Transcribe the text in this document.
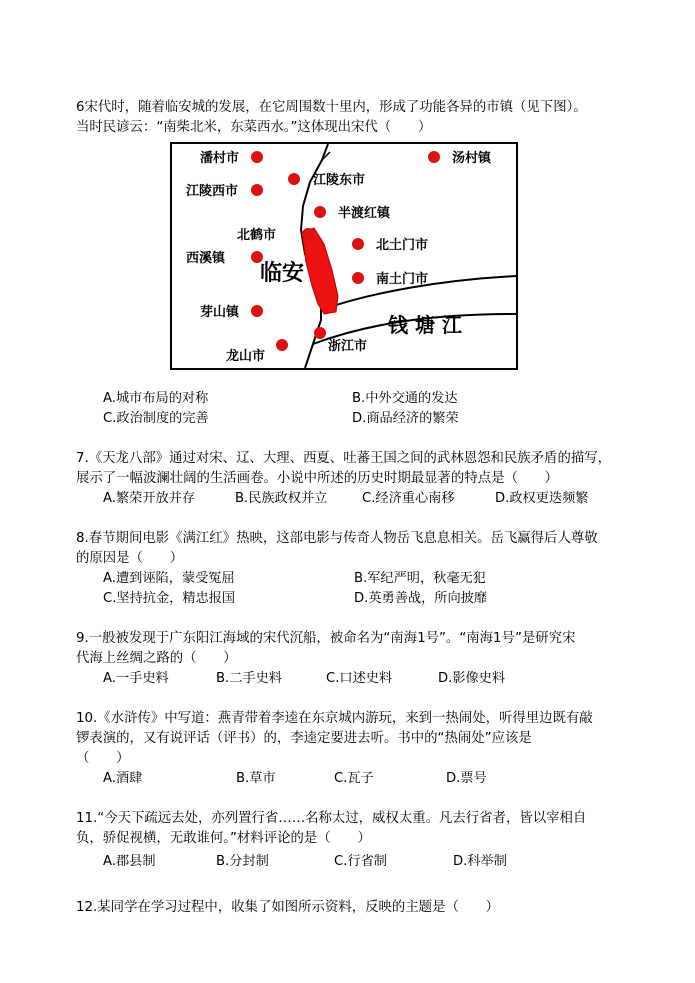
6宋代时，随着临安城的发展，在它周围数十里内，形成了功能各异的市镇（见下图）。
当时民谚云：“南柴北米，东菜西水。”这体现出宋代（　　）
临安
钱 塘 江
潘村市
江陵西市
北鹤市
西溪镇
芽山镇
龙山市
江陵东市
半渡红镇
北土门市
南土门市
浙江市
汤村镇
A.城市布局的对称	B.中外交通的发达
C.政治制度的完善	D.商品经济的繁荣
7.《天龙八部》通过对宋、辽、大理、西夏、吐蕃王国之间的武林恩怨和民族矛盾的描写，
展示了一幅波澜壮阔的生活画卷。小说中所述的历史时期最显著的特点是（　　）
A.繁荣开放并存	B.民族政权并立	C.经济重心南移	D.政权更迭频繁
8.春节期间电影《满江红》热映，这部电影与传奇人物岳飞息息相关。岳飞赢得后人尊敬
的原因是（　　）
A.遭到诬陷，蒙受冤屈	B.军纪严明，秋毫无犯
C.坚持抗金，精忠报国	D.英勇善战，所向披靡
9.一般被发现于广东阳江海域的宋代沉船，被命名为“南海1号”。“南海1号”是研究宋
代海上丝绸之路的（　　）
A.一手史料	B.二手史料	C.口述史料	D.影像史料
10.《水浒传》中写道：燕青带着李逵在东京城内游玩，来到一热闹处，听得里边既有敲
锣表演的，又有说评话（评书）的，李逵定要进去听。书中的“热闹处”应该是
（　　）
A.酒肆	B.草市	C.瓦子	D.票号
11.“今天下疏远去处，亦列置行省……名称太过，威权太重。凡去行省者，皆以宰相自
负，骄促视横，无敢谁何。”材料评论的是（　　）
A.郡县制	B.分封制	C.行省制	D.科举制
12.某同学在学习过程中，收集了如图所示资料，反映的主题是（　　）
